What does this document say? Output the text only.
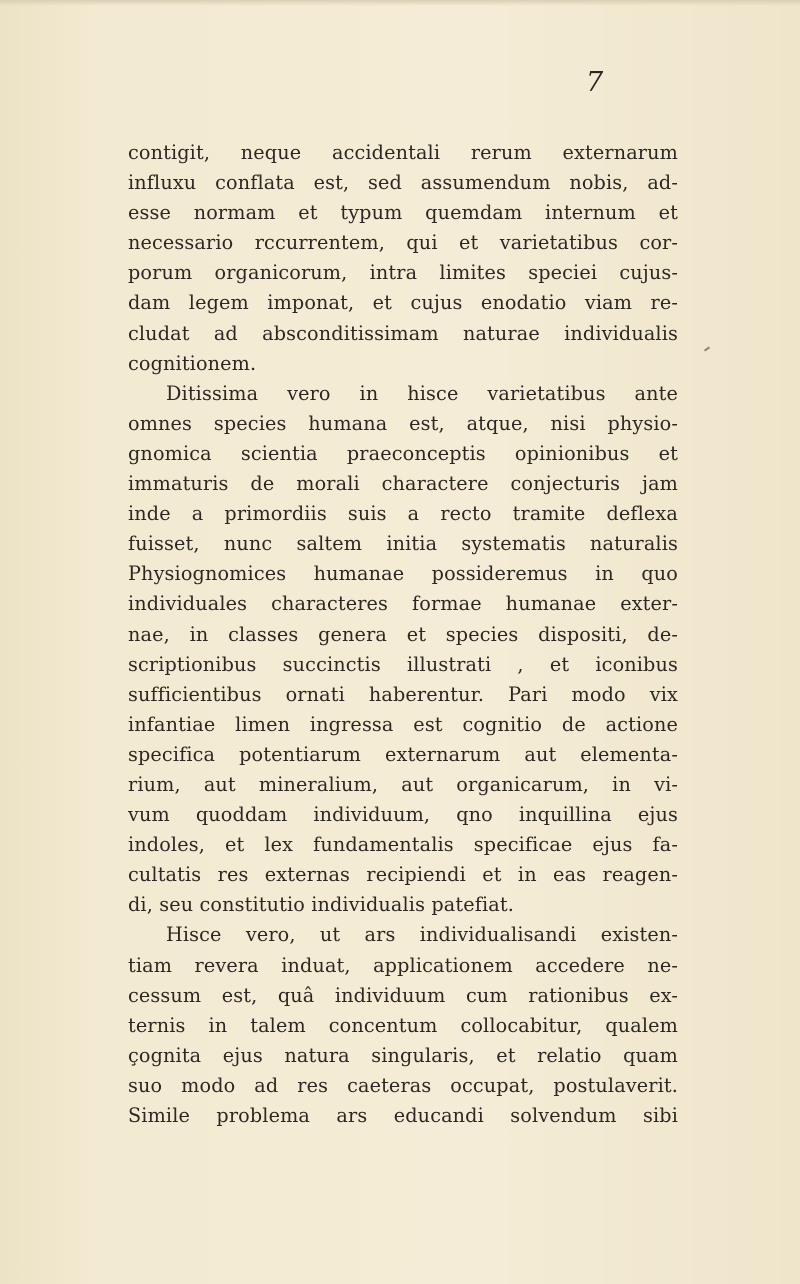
7
contigit, neque accidentali rerum externarum
influxu conflata est, sed assumendum nobis, ad-
esse normam et typum quemdam internum et
necessario rccurrentem, qui et varietatibus cor-
porum organicorum, intra limites speciei cujus-
dam legem imponat, et cujus enodatio viam re-
cludat ad absconditissimam naturae individualis
cognitionem.
Ditissima vero in hisce varietatibus ante
omnes species humana est, atque, nisi physio-
gnomica scientia praeconceptis opinionibus et
immaturis de morali charactere conjecturis jam
inde a primordiis suis a recto tramite deflexa
fuisset, nunc saltem initia systematis naturalis
Physiognomices humanae possideremus in quo
individuales characteres formae humanae exter-
nae, in classes genera et species dispositi, de-
scriptionibus succinctis illustrati , et iconibus
sufficientibus ornati haberentur. Pari modo vix
infantiae limen ingressa est cognitio de actione
specifica potentiarum externarum aut elementa-
rium, aut mineralium, aut organicarum, in vi-
vum quoddam individuum, qno inquillina ejus
indoles, et lex fundamentalis specificae ejus fa-
cultatis res externas recipiendi et in eas reagen-
di, seu constitutio individualis patefiat.
Hisce vero, ut ars individualisandi existen-
tiam revera induat, applicationem accedere ne-
cessum est, quâ individuum cum rationibus ex-
ternis in talem concentum collocabitur, qualem
çognita ejus natura singularis, et relatio quam
suo modo ad res caeteras occupat, postulaverit.
Simile problema ars educandi solvendum sibi
